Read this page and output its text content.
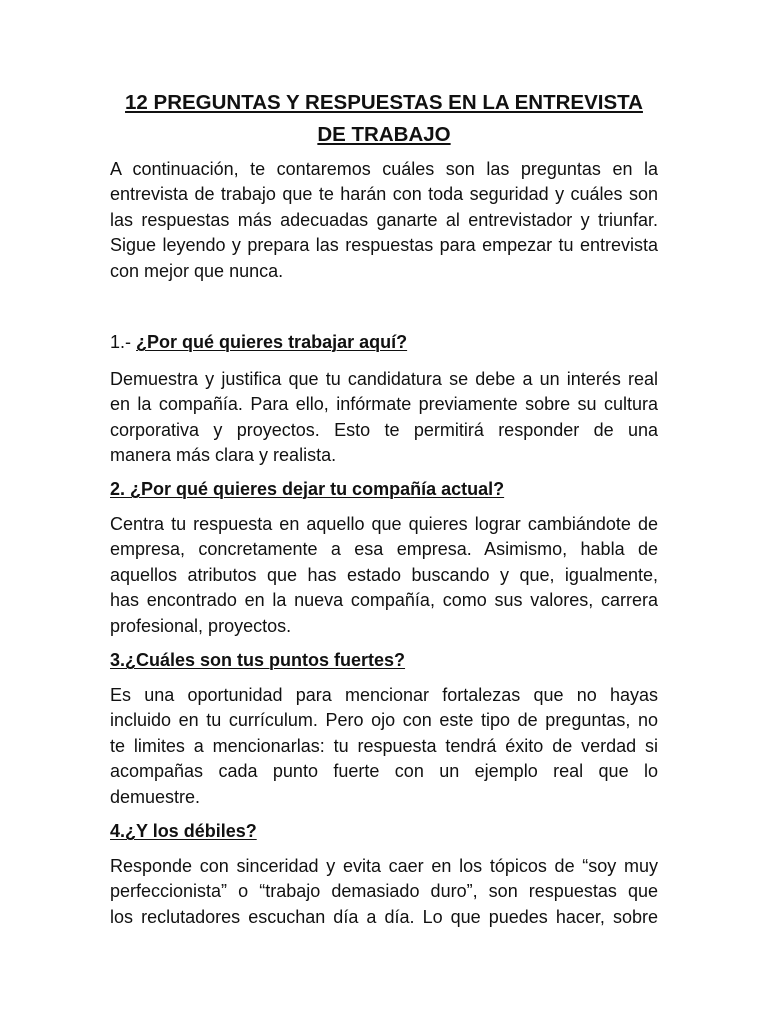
12 PREGUNTAS Y RESPUESTAS EN LA ENTREVISTA
DE TRABAJO
A continuación, te contaremos cuáles son las preguntas en la
entrevista de trabajo que te harán con toda seguridad y cuáles son
las respuestas más adecuadas ganarte al entrevistador y triunfar.
Sigue leyendo y prepara las respuestas para empezar tu entrevista
con mejor que nunca.
1.- ¿Por qué quieres trabajar aquí?
Demuestra y justifica que tu candidatura se debe a un interés real
en la compañía. Para ello, infórmate previamente sobre su cultura
corporativa y proyectos. Esto te permitirá responder de una
manera más clara y realista.
2. ¿Por qué quieres dejar tu compañía actual?
Centra tu respuesta en aquello que quieres lograr cambiándote de
empresa, concretamente a esa empresa. Asimismo, habla de
aquellos atributos que has estado buscando y que, igualmente,
has encontrado en la nueva compañía, como sus valores, carrera
profesional, proyectos.
3.¿Cuáles son tus puntos fuertes?
Es una oportunidad para mencionar fortalezas que no hayas
incluido en tu currículum. Pero ojo con este tipo de preguntas, no
te limites a mencionarlas: tu respuesta tendrá éxito de verdad si
acompañas cada punto fuerte con un ejemplo real que lo
demuestre.
4.¿Y los débiles?
Responde con sinceridad y evita caer en los tópicos de “soy muy
perfeccionista” o “trabajo demasiado duro”, son respuestas que
los reclutadores escuchan día a día. Lo que puedes hacer, sobre
